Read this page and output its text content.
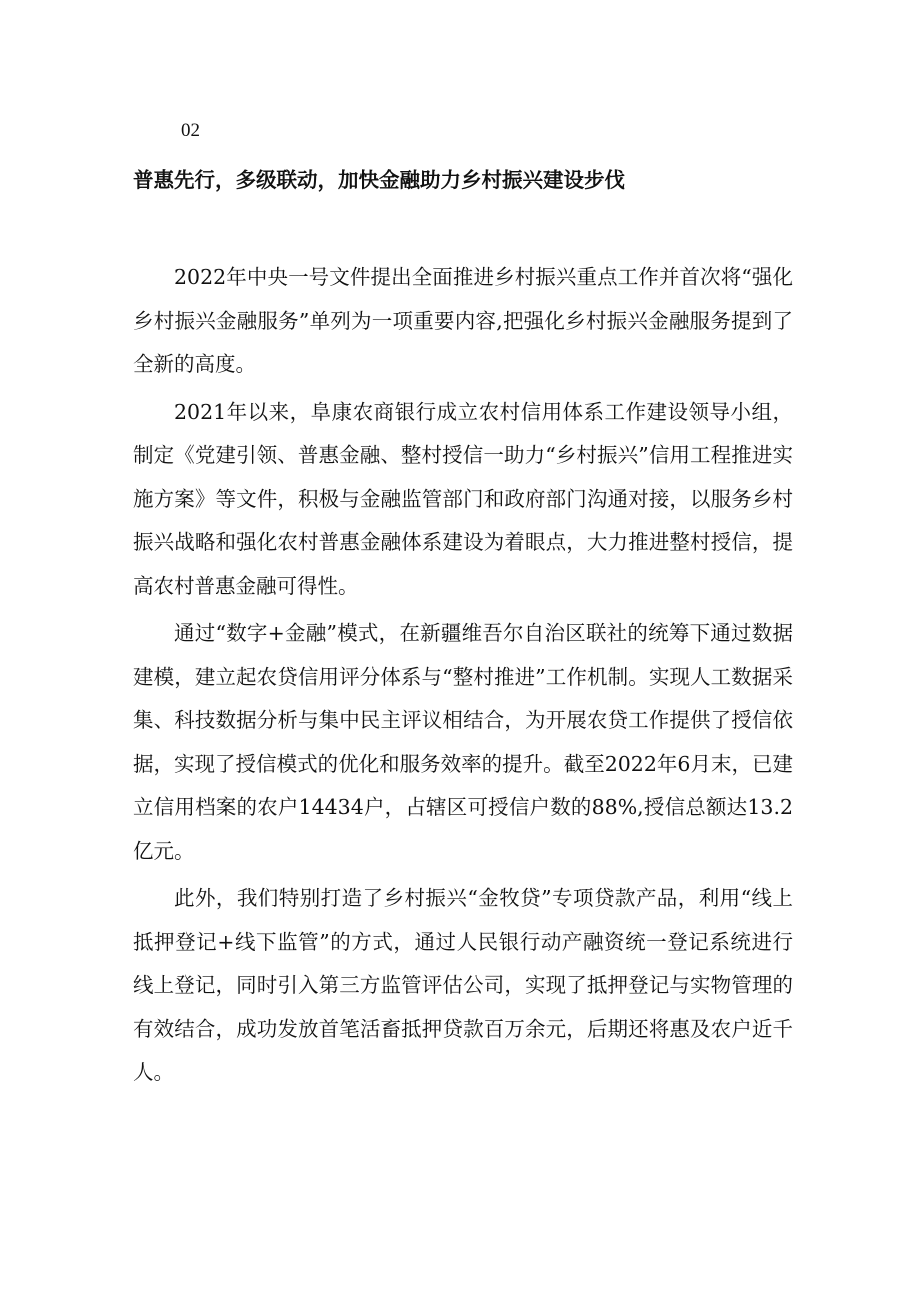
02
普惠先行，多级联动，加快金融助力乡村振兴建设步伐

2022年中央一号文件提出全面推进乡村振兴重点工作并首次将“强化乡村振兴金融服务”单列为一项重要内容,把强化乡村振兴金融服务提到了全新的高度。

2021年以来，阜康农商银行成立农村信用体系工作建设领导小组，制定《党建引领、普惠金融、整村授信一助力“乡村振兴”信用工程推进实施方案》等文件，积极与金融监管部门和政府部门沟通对接，以服务乡村振兴战略和强化农村普惠金融体系建设为着眼点，大力推进整村授信，提高农村普惠金融可得性。

通过“数字+金融”模式，在新疆维吾尔自治区联社的统筹下通过数据建模，建立起农贷信用评分体系与“整村推进”工作机制。实现人工数据采集、科技数据分析与集中民主评议相结合，为开展农贷工作提供了授信依据，实现了授信模式的优化和服务效率的提升。截至2022年6月末，已建立信用档案的农户14434户，占辖区可授信户数的88%,授信总额达13.2亿元。

此外，我们特别打造了乡村振兴“金牧贷”专项贷款产品，利用“线上抵押登记+线下监管”的方式，通过人民银行动产融资统一登记系统进行线上登记，同时引入第三方监管评估公司，实现了抵押登记与实物管理的有效结合，成功发放首笔活畜抵押贷款百万余元，后期还将惠及农户近千人。
